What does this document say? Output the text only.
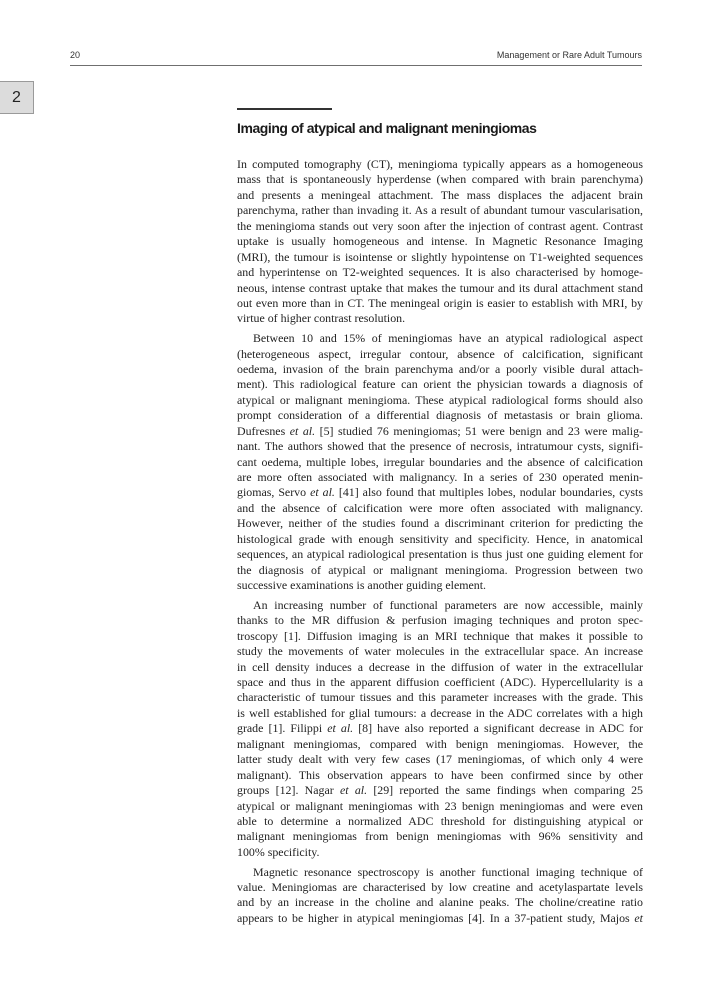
20	Management or Rare Adult Tumours
2
Imaging of atypical and malignant meningiomas
In computed tomography (CT), meningioma typically appears as a homogeneous
mass that is spontaneously hyperdense (when compared with brain parenchyma)
and presents a meningeal attachment. The mass displaces the adjacent brain
parenchyma, rather than invading it. As a result of abundant tumour vascularisation,
the meningioma stands out very soon after the injection of contrast agent. Contrast
uptake is usually homogeneous and intense. In Magnetic Resonance Imaging
(MRI), the tumour is isointense or slightly hypointense on T1-weighted sequences
and hyperintense on T2-weighted sequences. It is also characterised by homoge-
neous, intense contrast uptake that makes the tumour and its dural attachment stand
out even more than in CT. The meningeal origin is easier to establish with MRI, by
virtue of higher contrast resolution.
Between 10 and 15% of meningiomas have an atypical radiological aspect
(heterogeneous aspect, irregular contour, absence of calcification, significant
oedema, invasion of the brain parenchyma and/or a poorly visible dural attach-
ment). This radiological feature can orient the physician towards a diagnosis of
atypical or malignant meningioma. These atypical radiological forms should also
prompt consideration of a differential diagnosis of metastasis or brain glioma.
Dufresnes et al. [5] studied 76 meningiomas; 51 were benign and 23 were malig-
nant. The authors showed that the presence of necrosis, intratumour cysts, signifi-
cant oedema, multiple lobes, irregular boundaries and the absence of calcification
are more often associated with malignancy. In a series of 230 operated menin-
giomas, Servo et al. [41] also found that multiples lobes, nodular boundaries, cysts
and the absence of calcification were more often associated with malignancy.
However, neither of the studies found a discriminant criterion for predicting the
histological grade with enough sensitivity and specificity. Hence, in anatomical
sequences, an atypical radiological presentation is thus just one guiding element for
the diagnosis of atypical or malignant meningioma. Progression between two
successive examinations is another guiding element.
An increasing number of functional parameters are now accessible, mainly
thanks to the MR diffusion & perfusion imaging techniques and proton spec-
troscopy [1]. Diffusion imaging is an MRI technique that makes it possible to
study the movements of water molecules in the extracellular space. An increase
in cell density induces a decrease in the diffusion of water in the extracellular
space and thus in the apparent diffusion coefficient (ADC). Hypercellularity is a
characteristic of tumour tissues and this parameter increases with the grade. This
is well established for glial tumours: a decrease in the ADC correlates with a high
grade [1]. Filippi et al. [8] have also reported a significant decrease in ADC for
malignant meningiomas, compared with benign meningiomas. However, the
latter study dealt with very few cases (17 meningiomas, of which only 4 were
malignant). This observation appears to have been confirmed since by other
groups [12]. Nagar et al. [29] reported the same findings when comparing 25
atypical or malignant meningiomas with 23 benign meningiomas and were even
able to determine a normalized ADC threshold for distinguishing atypical or
malignant meningiomas from benign meningiomas with 96% sensitivity and
100% specificity.
Magnetic resonance spectroscopy is another functional imaging technique of
value. Meningiomas are characterised by low creatine and acetylaspartate levels
and by an increase in the choline and alanine peaks. The choline/creatine ratio
appears to be higher in atypical meningiomas [4]. In a 37-patient study, Majos et
